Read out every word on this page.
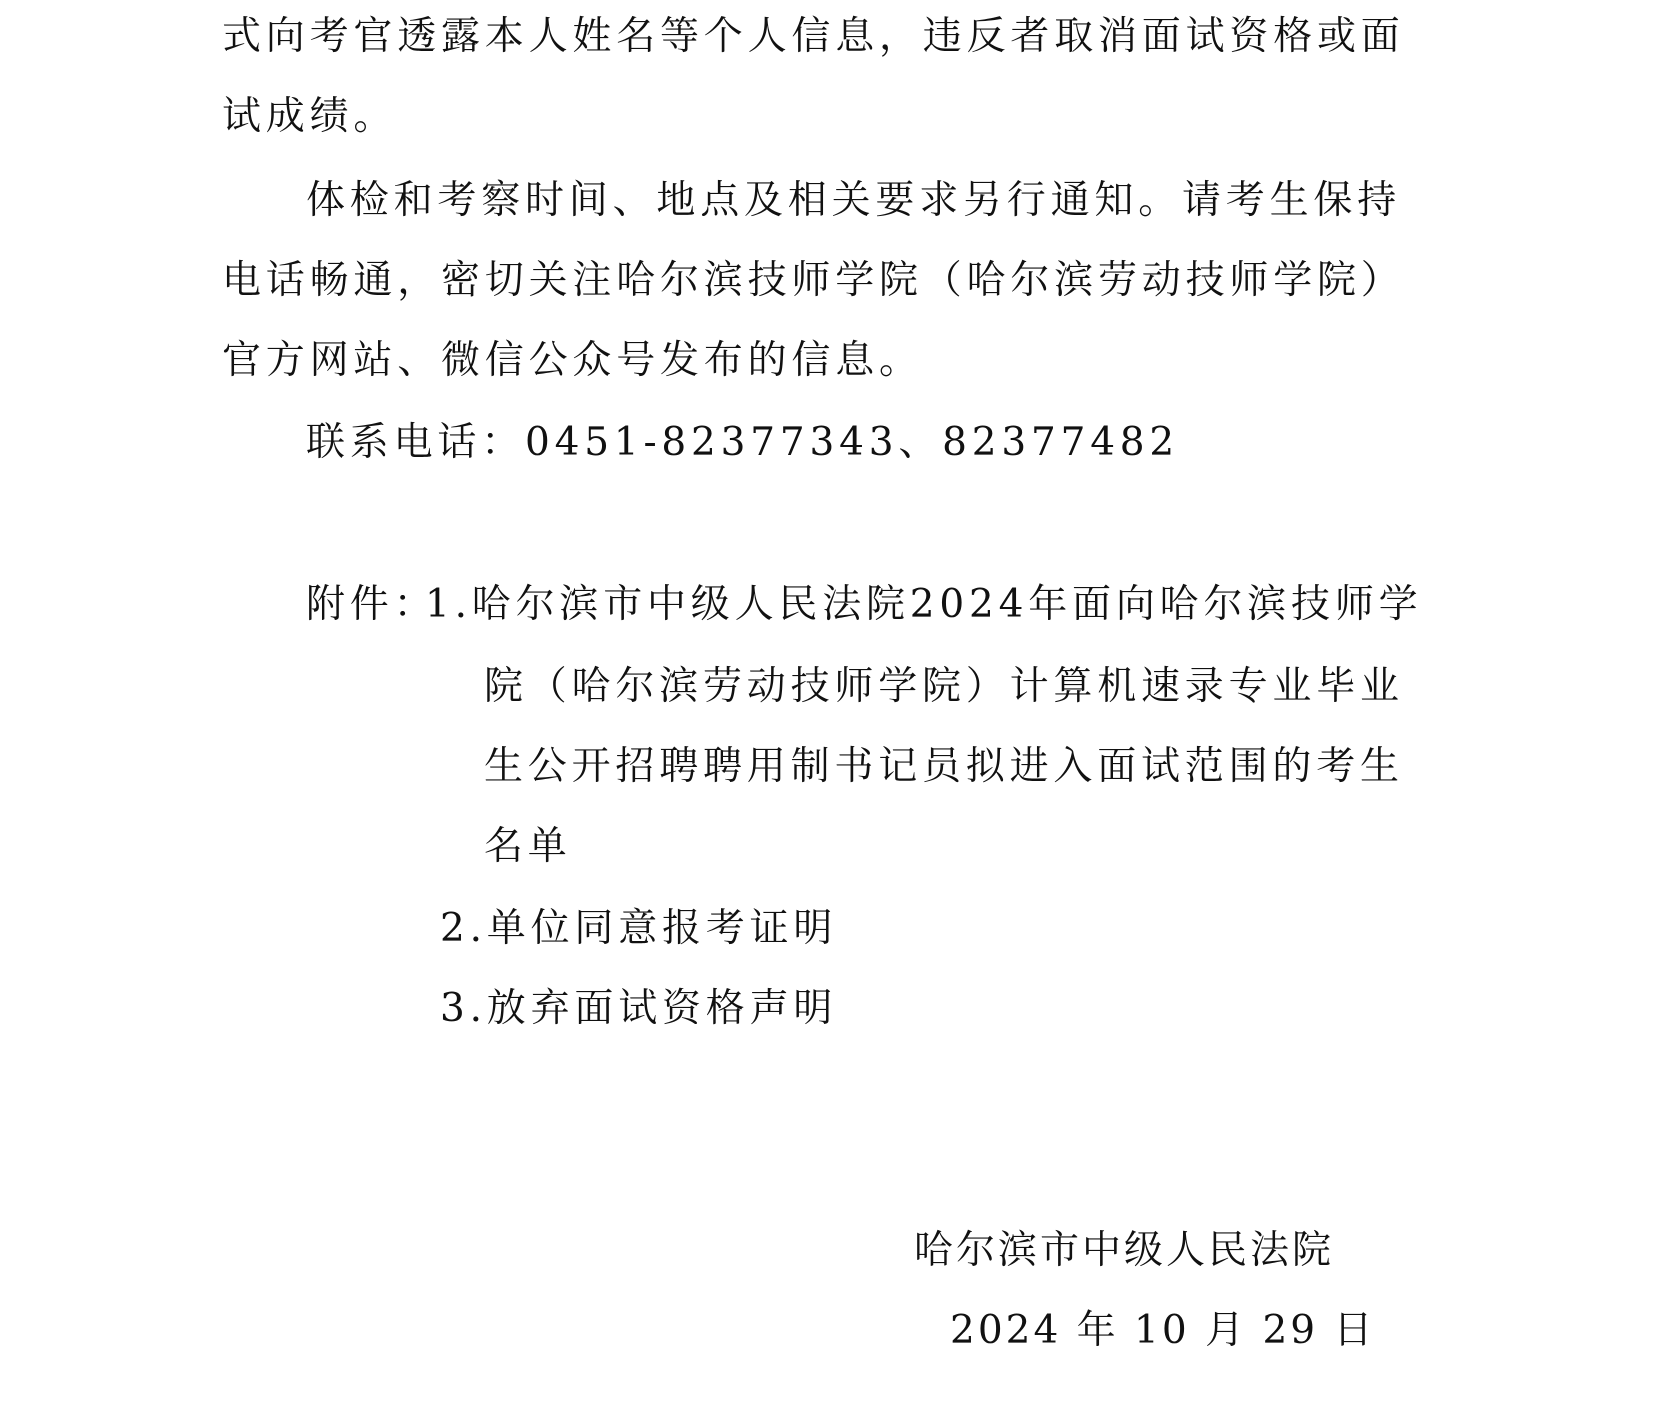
式向考官透露本人姓名等个人信息，违反者取消面试资格或面
试成绩。
体检和考察时间、地点及相关要求另行通知。请考生保持
电话畅通，密切关注哈尔滨技师学院（哈尔滨劳动技师学院）
官方网站、微信公众号发布的信息。
联系电话：0451-82377343、82377482
附件：
1.哈尔滨市中级人民法院2024年面向哈尔滨技师学
院（哈尔滨劳动技师学院）计算机速录专业毕业
生公开招聘聘用制书记员拟进入面试范围的考生
名单
2.单位同意报考证明
3.放弃面试资格声明
哈尔滨市中级人民法院
2024 年 10 月 29 日
